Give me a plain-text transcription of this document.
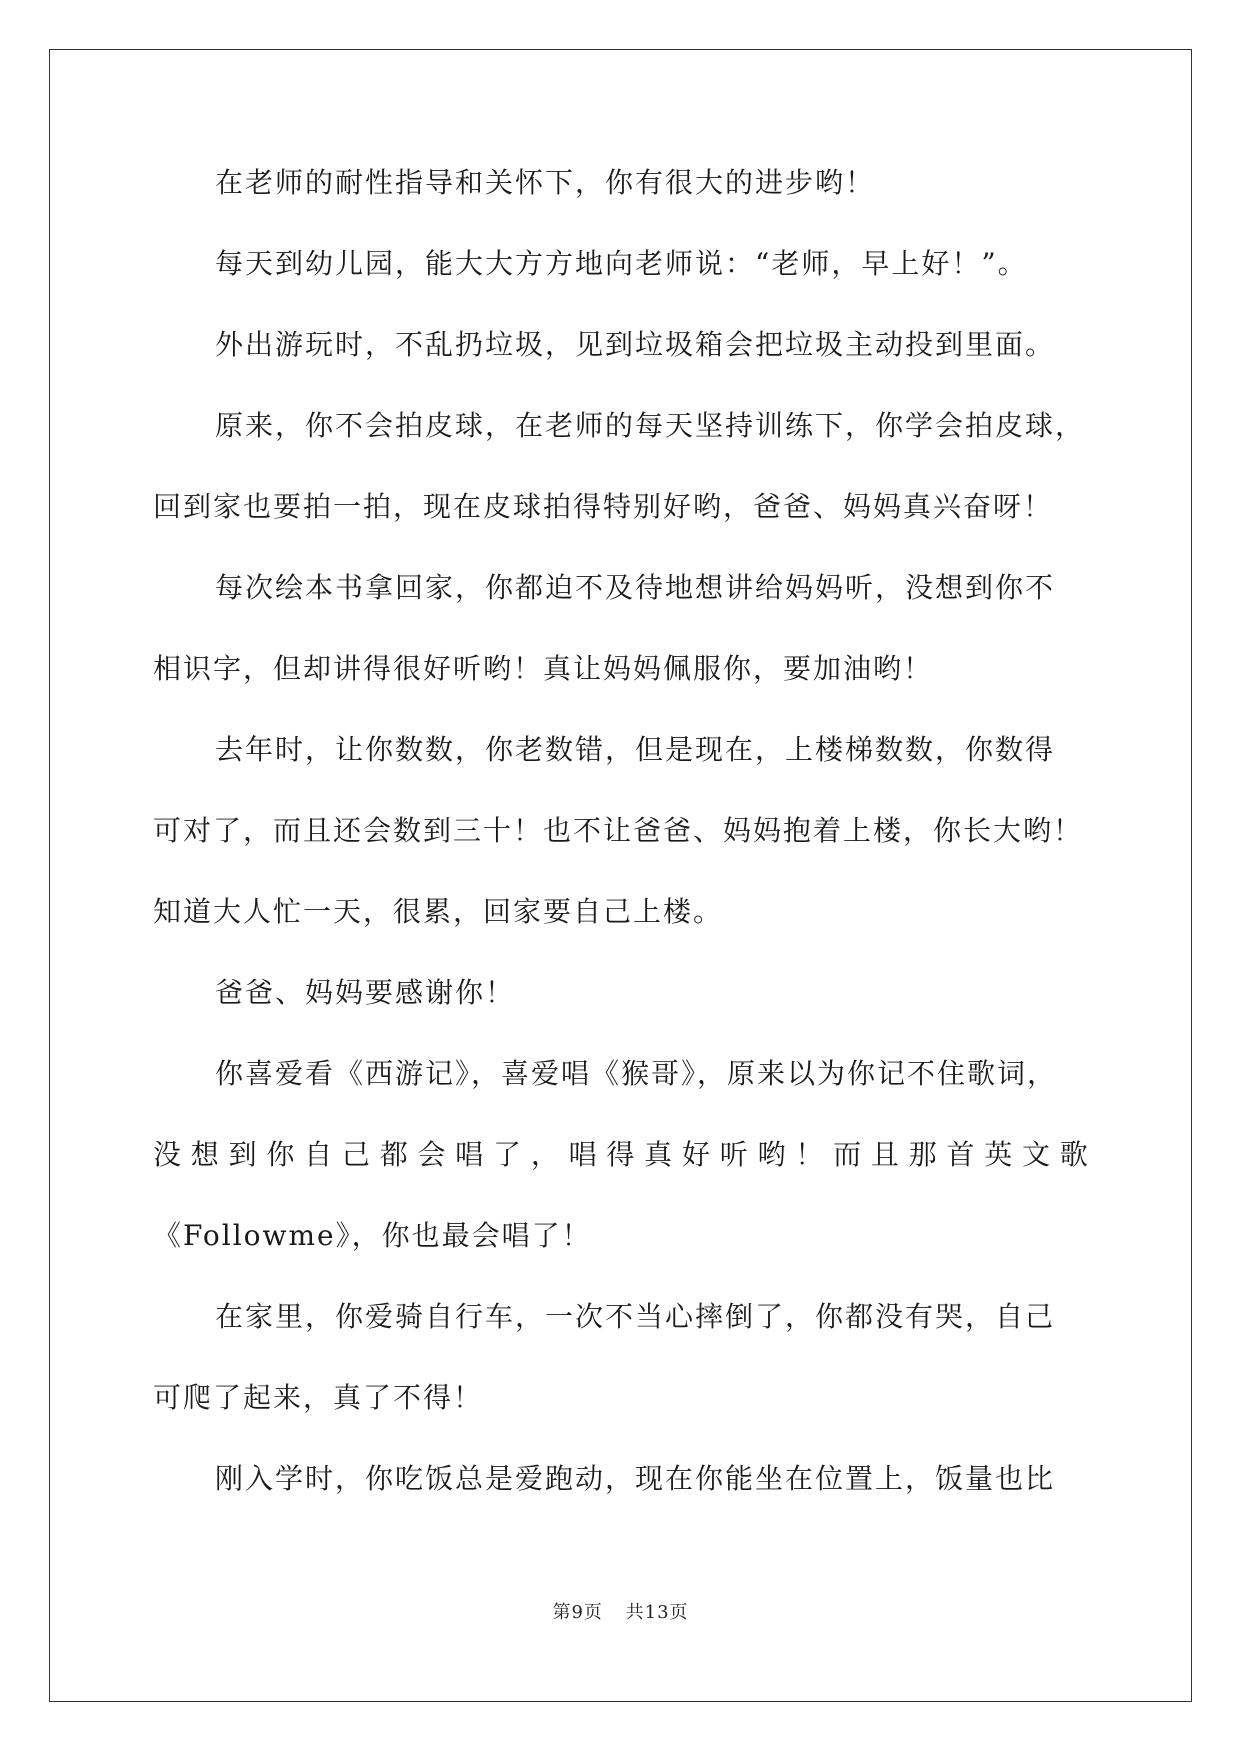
在老师的耐性指导和关怀下，你有很大的进步哟！
每天到幼儿园，能大大方方地向老师说：“老师，早上好！”。
外出游玩时，不乱扔垃圾，见到垃圾箱会把垃圾主动投到里面。
原来，你不会拍皮球，在老师的每天坚持训练下，你学会拍皮球，
回到家也要拍一拍，现在皮球拍得特别好哟，爸爸、妈妈真兴奋呀！
每次绘本书拿回家，你都迫不及待地想讲给妈妈听，没想到你不
相识字，但却讲得很好听哟！真让妈妈佩服你，要加油哟！
去年时，让你数数，你老数错，但是现在，上楼梯数数，你数得
可对了，而且还会数到三十！也不让爸爸、妈妈抱着上楼，你长大哟！
知道大人忙一天，很累，回家要自己上楼。
爸爸、妈妈要感谢你！
你喜爱看《西游记》，喜爱唱《猴哥》，原来以为你记不住歌词，
没 想 到 你 自 己 都 会 唱 了 ， 唱 得 真 好 听 哟 ！ 而 且 那 首 英 文 歌
《Followme》，你也最会唱了！
在家里，你爱骑自行车，一次不当心摔倒了，你都没有哭，自己
可爬了起来，真了不得！
刚入学时，你吃饭总是爱跑动，现在你能坐在位置上，饭量也比
第9页 共13页
